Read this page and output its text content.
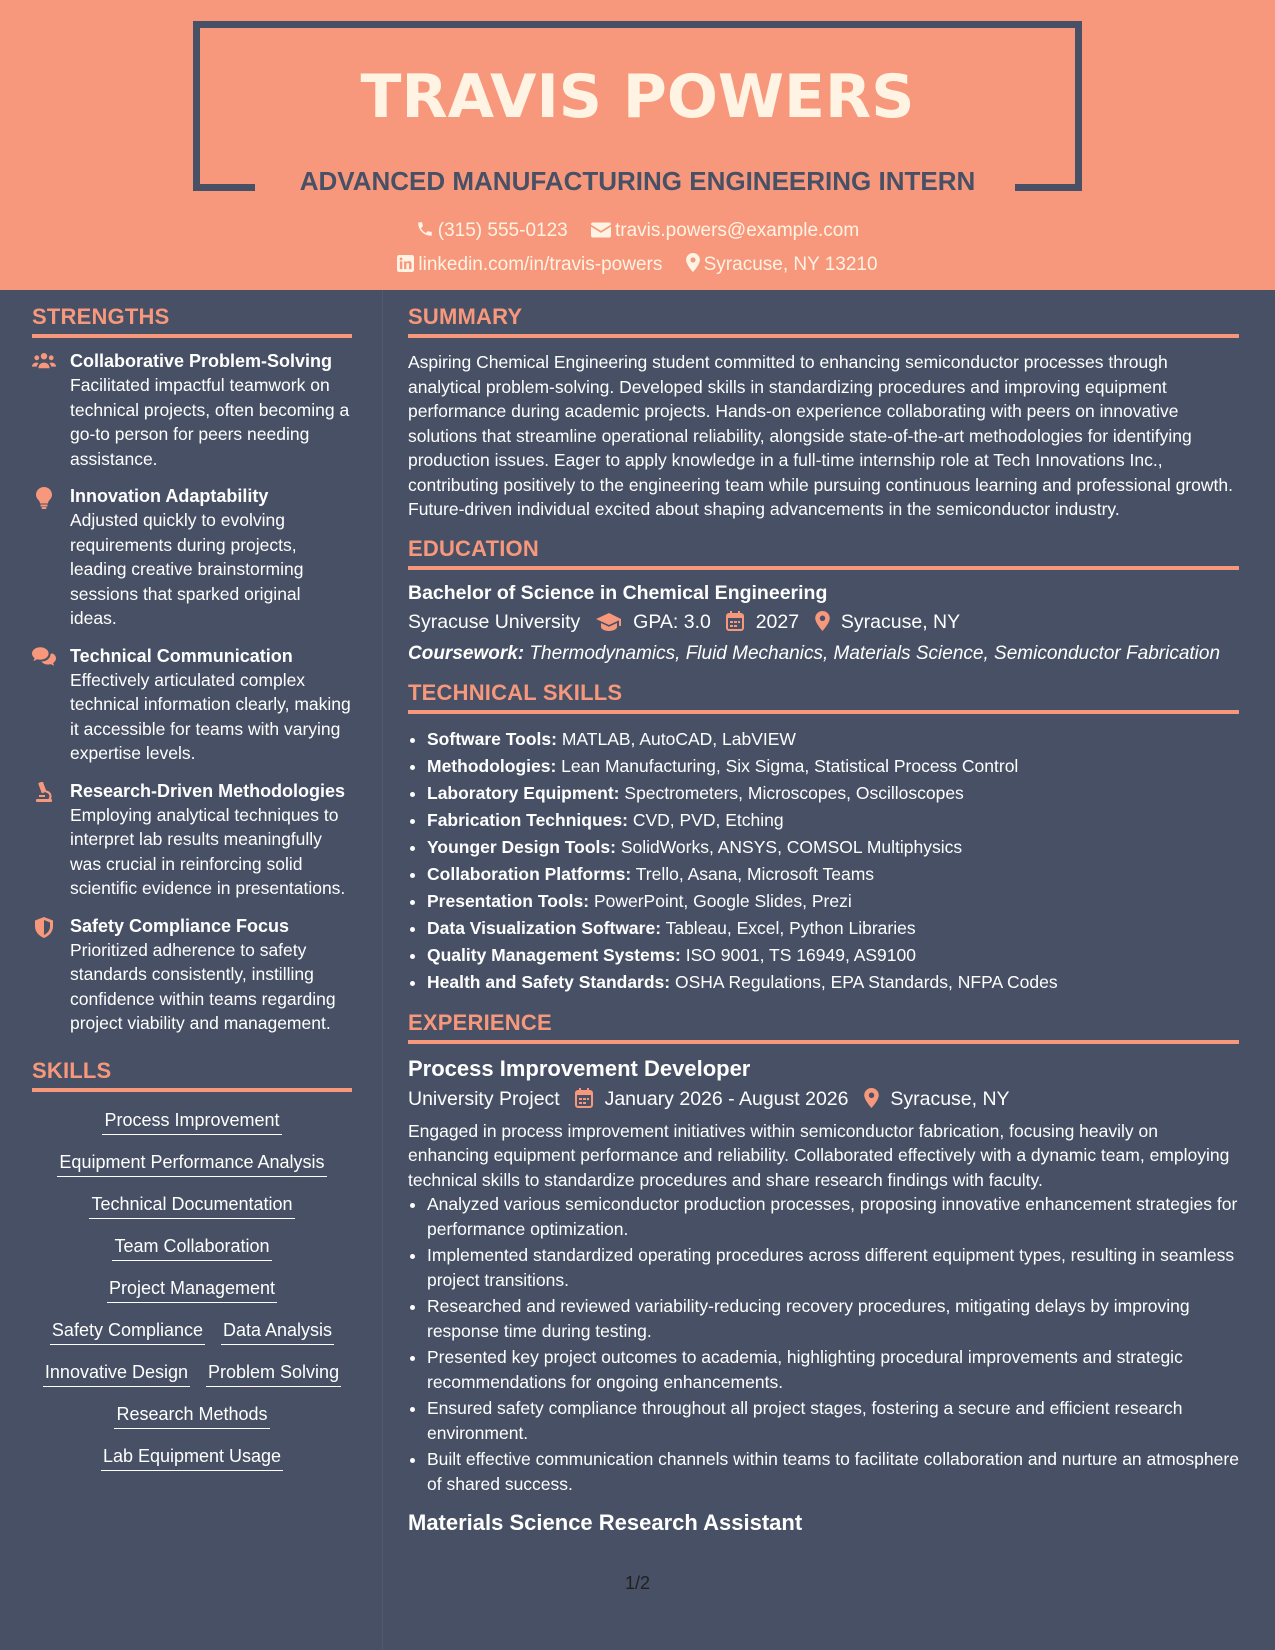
TRAVIS POWERS
ADVANCED MANUFACTURING ENGINEERING INTERN
(315) 555-0123 travis.powers@example.com
linkedin.com/in/travis-powers Syracuse, NY 13210
STRENGTHS
Collaborative Problem-Solving
Facilitated impactful teamwork on technical projects, often becoming a go-to person for peers needing assistance.
Innovation Adaptability
Adjusted quickly to evolving requirements during projects, leading creative brainstorming sessions that sparked original ideas.
Technical Communication
Effectively articulated complex technical information clearly, making it accessible for teams with varying expertise levels.
Research-Driven Methodologies
Employing analytical techniques to interpret lab results meaningfully was crucial in reinforcing solid scientific evidence in presentations.
Safety Compliance Focus
Prioritized adherence to safety standards consistently, instilling confidence within teams regarding project viability and management.
SKILLS
Process Improvement
Equipment Performance Analysis
Technical Documentation
Team Collaboration
Project Management
Safety Compliance Data Analysis
Innovative Design Problem Solving
Research Methods
Lab Equipment Usage
SUMMARY
Aspiring Chemical Engineering student committed to enhancing semiconductor processes through analytical problem-solving. Developed skills in standardizing procedures and improving equipment performance during academic projects. Hands-on experience collaborating with peers on innovative solutions that streamline operational reliability, alongside state-of-the-art methodologies for identifying production issues. Eager to apply knowledge in a full-time internship role at Tech Innovations Inc., contributing positively to the engineering team while pursuing continuous learning and professional growth. Future-driven individual excited about shaping advancements in the semiconductor industry.
EDUCATION
Bachelor of Science in Chemical Engineering
Syracuse University	GPA: 3.0 2027 Syracuse, NY
Coursework: Thermodynamics, Fluid Mechanics, Materials Science, Semiconductor Fabrication
TECHNICAL SKILLS
• Software Tools: MATLAB, AutoCAD, LabVIEW
• Methodologies: Lean Manufacturing, Six Sigma, Statistical Process Control
• Laboratory Equipment: Spectrometers, Microscopes, Oscilloscopes
• Fabrication Techniques: CVD, PVD, Etching
• Younger Design Tools: SolidWorks, ANSYS, COMSOL Multiphysics
• Collaboration Platforms: Trello, Asana, Microsoft Teams
• Presentation Tools: PowerPoint, Google Slides, Prezi
• Data Visualization Software: Tableau, Excel, Python Libraries
• Quality Management Systems: ISO 9001, TS 16949, AS9100
• Health and Safety Standards: OSHA Regulations, EPA Standards, NFPA Codes
EXPERIENCE
Process Improvement Developer
University Project January 2026 - August 2026 Syracuse, NY
Engaged in process improvement initiatives within semiconductor fabrication, focusing heavily on enhancing equipment performance and reliability. Collaborated effectively with a dynamic team, employing technical skills to standardize procedures and share research findings with faculty.
• Analyzed various semiconductor production processes, proposing innovative enhancement strategies for performance optimization.
• Implemented standardized operating procedures across different equipment types, resulting in seamless project transitions.
• Researched and reviewed variability-reducing recovery procedures, mitigating delays by improving response time during testing.
• Presented key project outcomes to academia, highlighting procedural improvements and strategic recommendations for ongoing enhancements.
• Ensured safety compliance throughout all project stages, fostering a secure and efficient research environment.
• Built effective communication channels within teams to facilitate collaboration and nurture an atmosphere of shared success.
Materials Science Research Assistant
1/2
